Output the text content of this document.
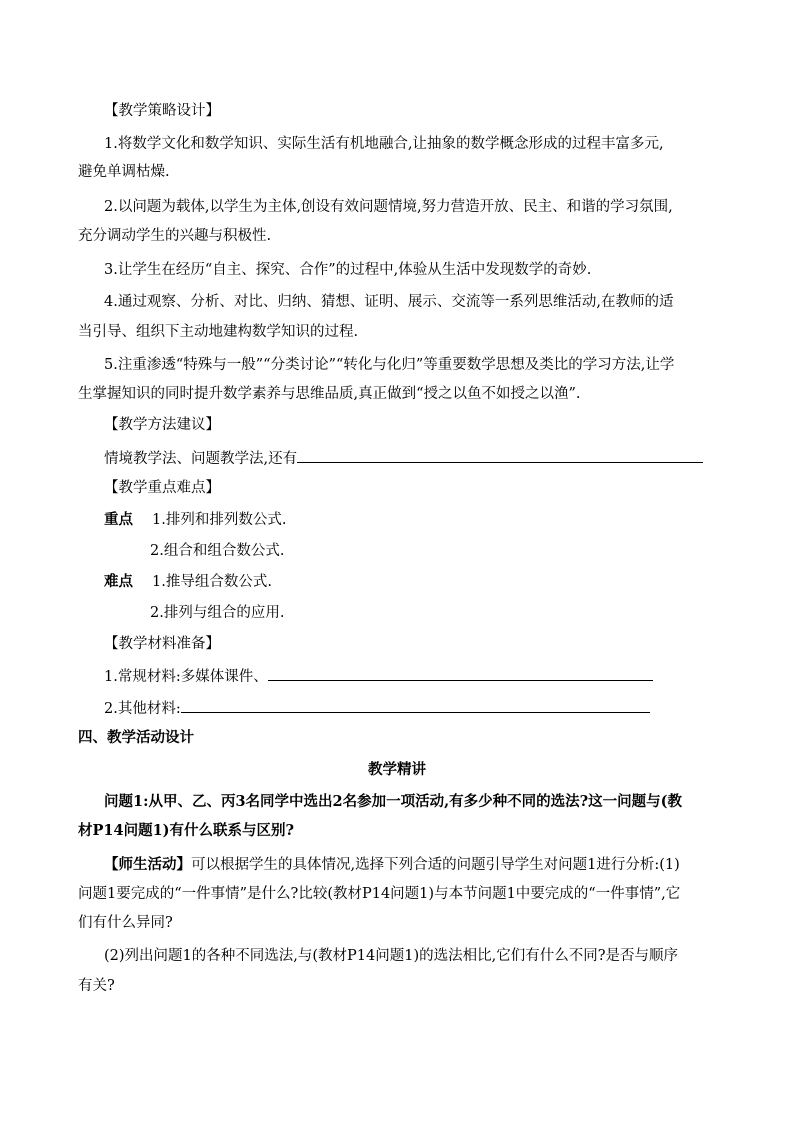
【教学策略设计】
1.将数学文化和数学知识、实际生活有机地融合,让抽象的数学概念形成的过程丰富多元,
避免单调枯燥.
2.以问题为载体,以学生为主体,创设有效问题情境,努力营造开放、民主、和谐的学习氛围,
充分调动学生的兴趣与积极性.
3.让学生在经历“自主、探究、合作”的过程中,体验从生活中发现数学的奇妙.
4.通过观察、分析、对比、归纳、猜想、证明、展示、交流等一系列思维活动,在教师的适
当引导、组织下主动地建构数学知识的过程.
5.注重渗透“特殊与一般”“分类讨论”“转化与化归”等重要数学思想及类比的学习方法,让学
生掌握知识的同时提升数学素养与思维品质,真正做到“授之以鱼不如授之以渔”.
【教学方法建议】
情境教学法、问题教学法,还有
【教学重点难点】
重点 1.排列和排列数公式.
2.组合和组合数公式.
难点 1.推导组合数公式.
2.排列与组合的应用.
【教学材料准备】
1.常规材料:多媒体课件、
2.其他材料:
四、教学活动设计
教学精讲
问题1:从甲、乙、丙3名同学中选出2名参加一项活动,有多少种不同的选法?这一问题与(教
材P14问题1)有什么联系与区别?
【师生活动】可以根据学生的具体情况,选择下列合适的问题引导学生对问题1进行分析:(1)
问题1要完成的“一件事情”是什么?比较(教材P14问题1)与本节问题1中要完成的“一件事情”,它
们有什么异同?
(2)列出问题1的各种不同选法,与(教材P14问题1)的选法相比,它们有什么不同?是否与顺序
有关?
